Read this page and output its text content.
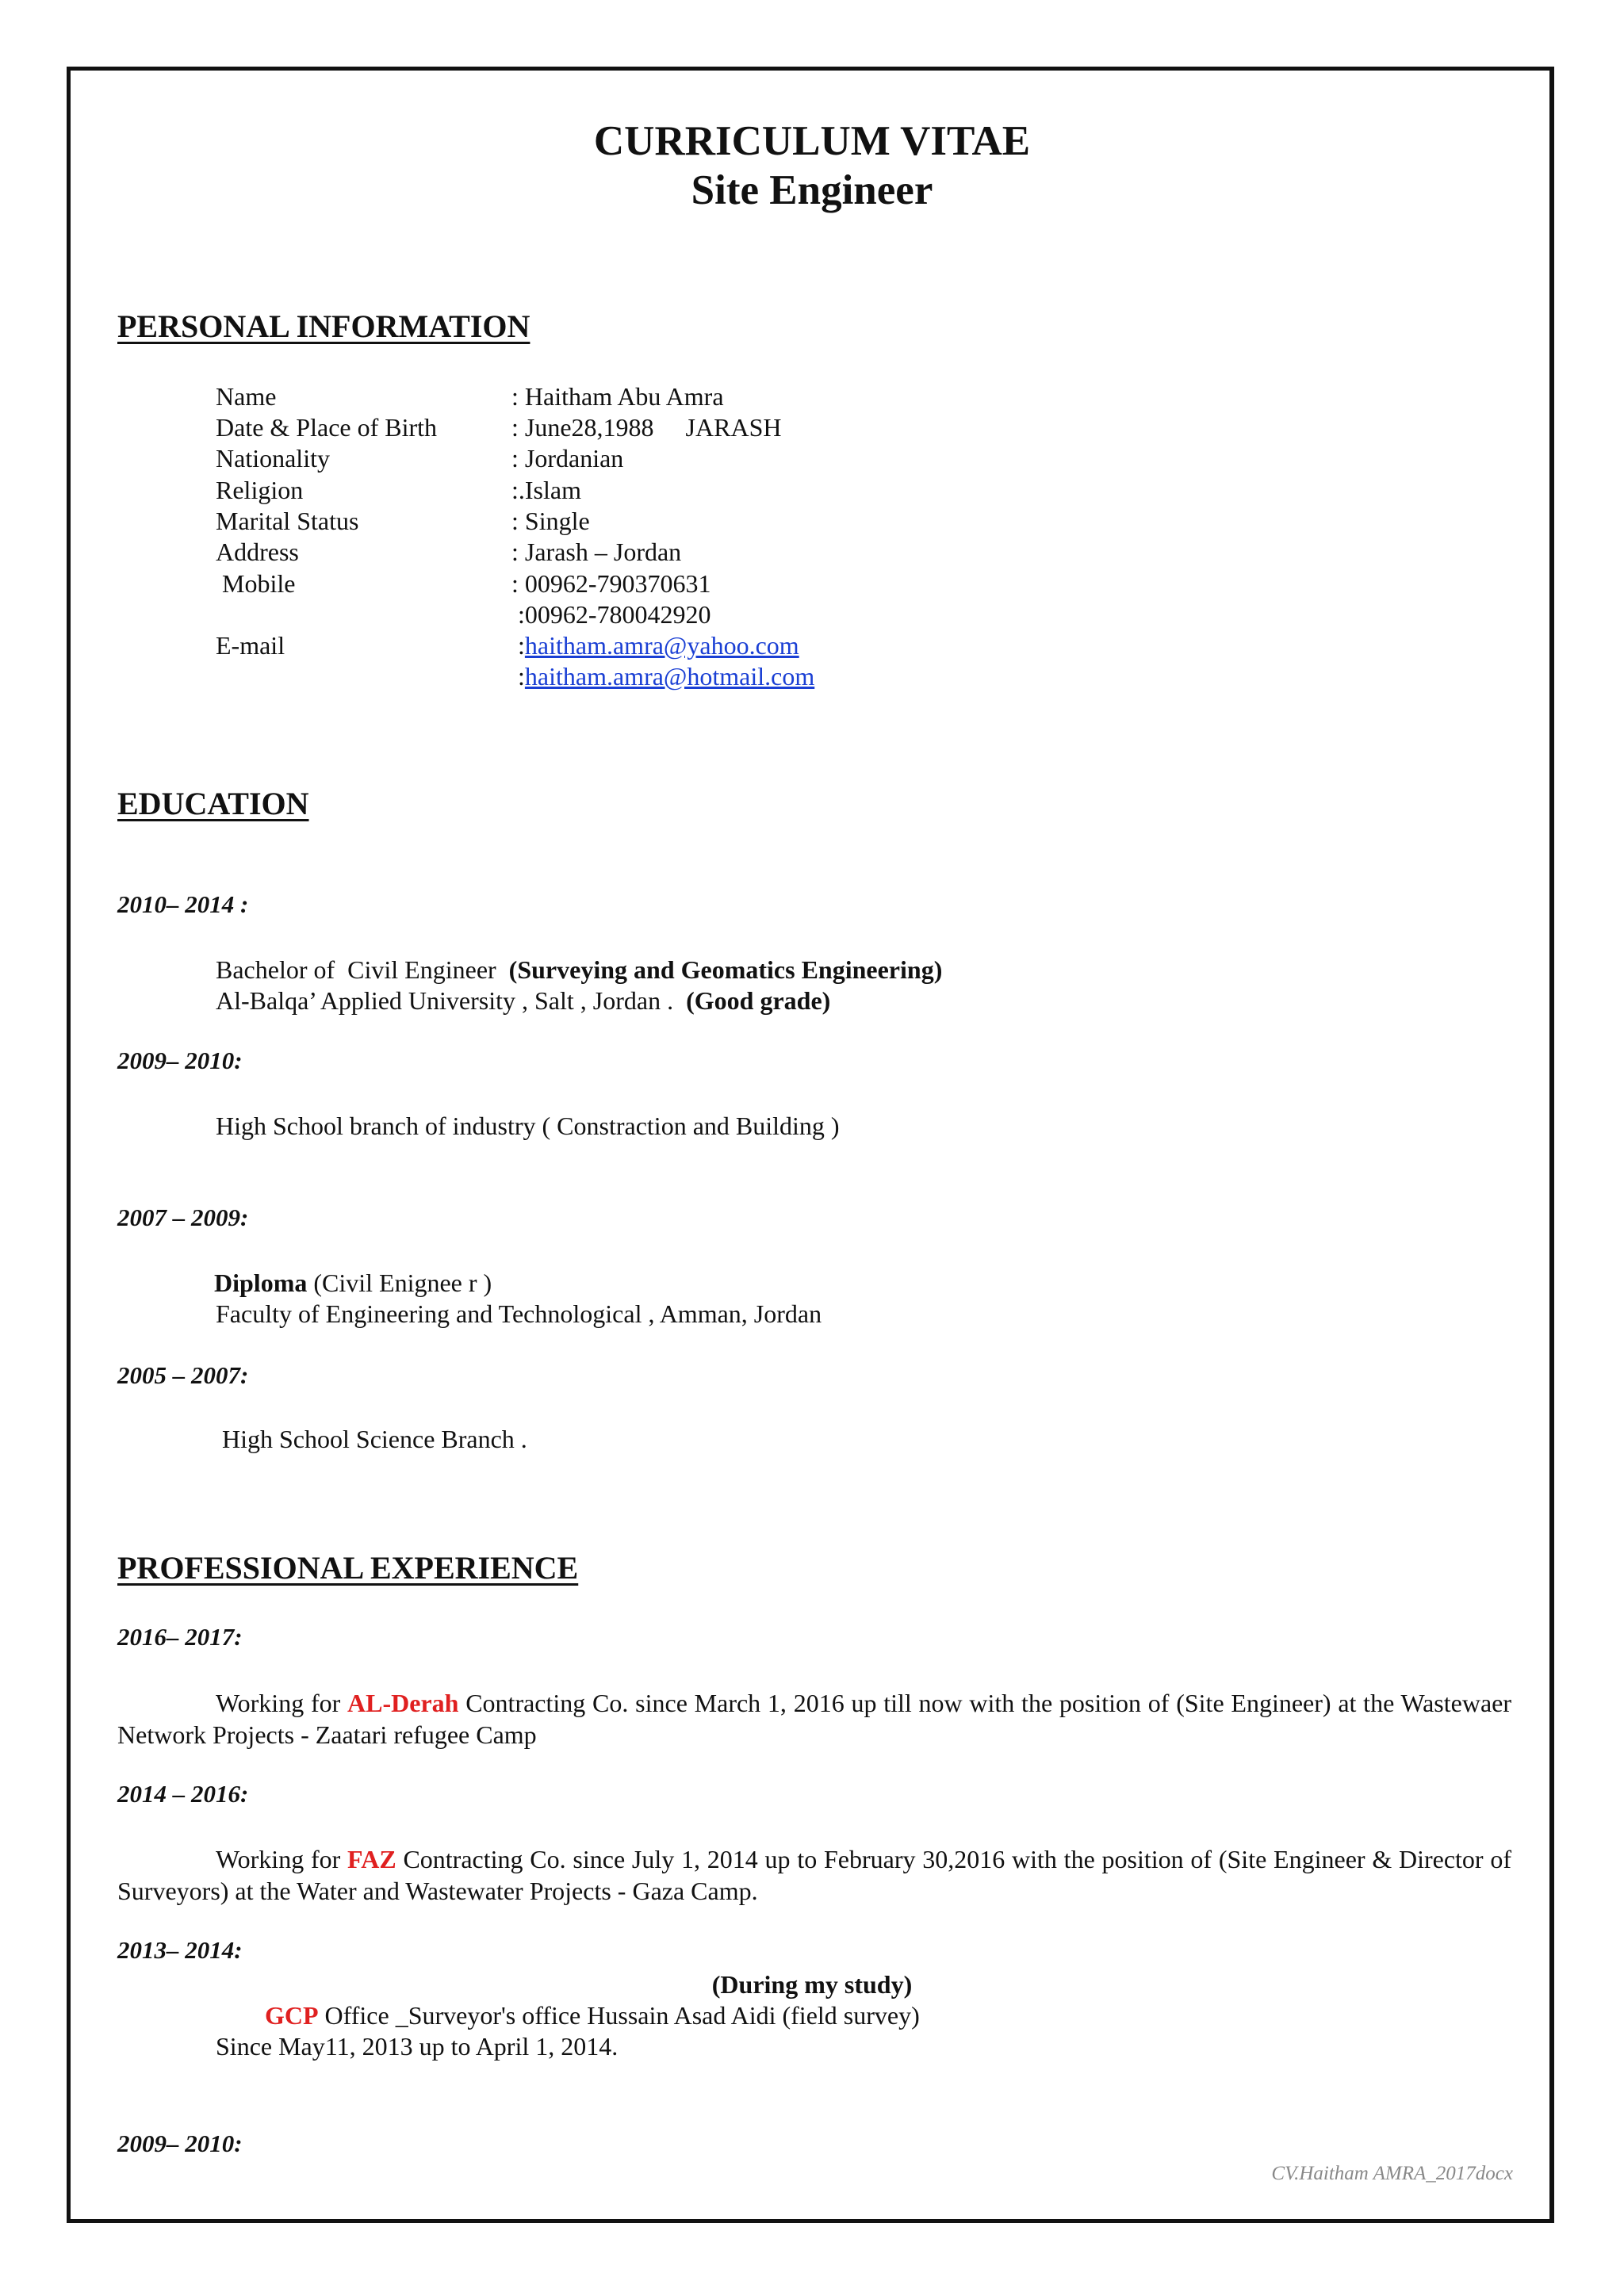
CURRICULUM VITAE
Site Engineer
PERSONAL INFORMATION
Name	: Haitham Abu Amra
Date & Place of Birth	: June28,1988     JARASH
Nationality	: Jordanian
Religion	:.Islam
Marital Status	: Single
Address	: Jarash – Jordan
Mobile	: 00962-790370631
:00962-780042920
E-mail	:haitham.amra@yahoo.com
:haitham.amra@hotmail.com
EDUCATION
2010– 2014 :
Bachelor of  Civil Engineer  (Surveying and Geomatics Engineering)
Al-Balqa’ Applied University , Salt , Jordan .  (Good grade)
2009– 2010:
High School branch of industry ( Constraction and Building )
2007 – 2009:
Diploma (Civil Enignee r )
Faculty of Engineering and Technological , Amman, Jordan
2005 – 2007:
High School Science Branch .
PROFESSIONAL EXPERIENCE
2016– 2017:
Working for AL-Derah Contracting Co. since March 1, 2016 up till now with the position of (Site Engineer) at the Wastewaer Network Projects - Zaatari refugee Camp
2014 – 2016:
Working for FAZ Contracting Co. since July 1, 2014 up to February 30,2016 with the position of (Site Engineer & Director of Surveyors) at the Water and Wastewater Projects - Gaza Camp.
2013– 2014:
(During my study)
GCP Office _Surveyor's office Hussain Asad Aidi (field survey)
Since May11, 2013 up to April 1, 2014.
2009– 2010:
CV.Haitham AMRA_2017docx
